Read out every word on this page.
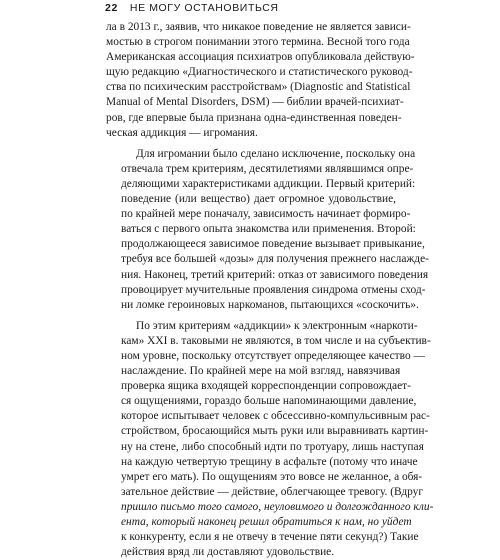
22 НЕ МОГУ ОСТАНОВИТЬСЯ

ла в 2013 г., заявив, что никакое поведение не является зависи-
мостью в строгом понимании этого термина. Весной того года
Американская ассоциация психиатров опубликовала действую-
щую редакцию «Диагностического и статистического руковод-
ства по психическим расстройствам» (Diagnostic and Statistical
Manual of Mental Disorders, DSM) — библии врачей-психиат-
ров, где впервые была признана одна-единственная поведен-
ческая аддикция — игромания.

Для игромании было сделано исключение, поскольку она
отвечала трем критериям, десятилетиями являвшимся опре-
деляющими характеристиками аддикции. Первый критерий:
поведение (или вещество) дает огромное удовольствие,
по крайней мере поначалу, зависимость начинает формиро-
ваться с первого опыта знакомства или применения. Второй:
продолжающееся зависимое поведение вызывает привыкание,
требуя все большей «дозы» для получения прежнего наслажде-
ния. Наконец, третий критерий: отказ от зависимого поведения
провоцирует мучительные проявления синдрома отмены сход-
ни ломке героиновых наркоманов, пытающихся «соскочить».

По этим критериям «аддикции» к электронным «наркоти-
кам» XXI в. таковыми не являются, в том числе и на субъектив-
ном уровне, поскольку отсутствует определяющее качество —
наслаждение. По крайней мере на мой взгляд, навязчивая
проверка ящика входящей корреспонденции сопровождает-
ся ощущениями, гораздо больше напоминающими давление,
которое испытывает человек с обсессивно-компульсивным рас-
стройством, бросающийся мыть руки или выравнивать картин-
ну на стене, либо способный идти по тротуару, лишь наступая
на каждую четвертую трещину в асфальте (потому что иначе
умрет его мать). По ощущениям это вовсе не желанное, а обя-
зательное действие — действие, облегчающее тревогу. (Вдруг
пришло письмо того самого, неуловимого и долгожданного кли-
ента, который наконец решил обратиться к нам, но уйдет
к конкуренту, если я не отвечу в течение пяти секунд?) Такие
действия вряд ли доставляют удовольствие.
